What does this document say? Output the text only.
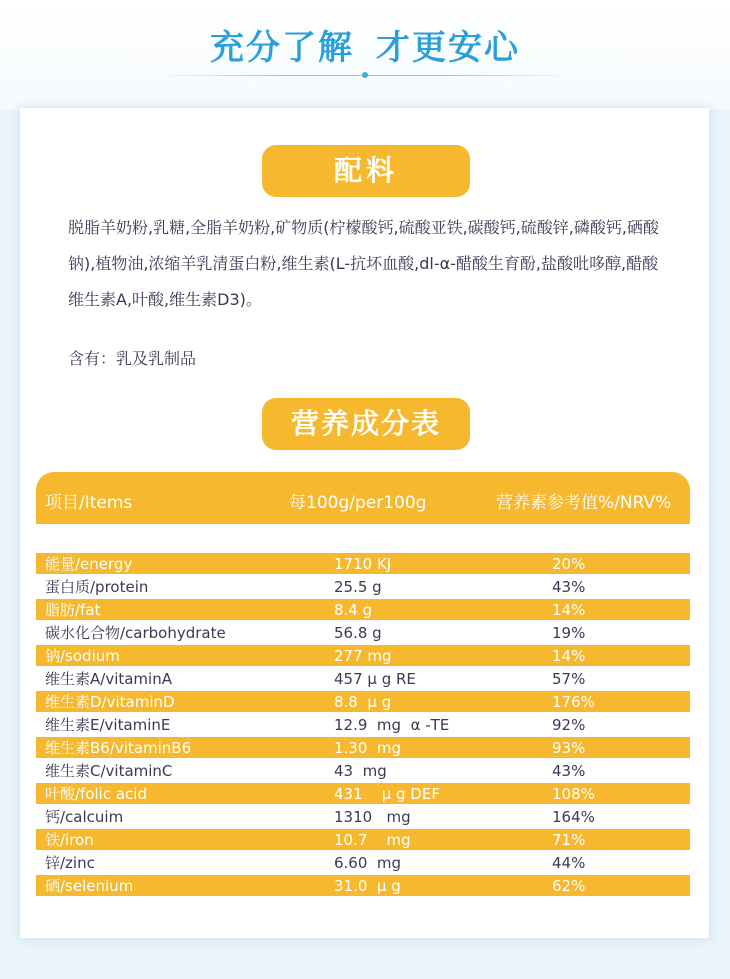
充分了解 才更安心
配料
脱脂羊奶粉,乳糖,全脂羊奶粉,矿物质(柠檬酸钙,硫酸亚铁,碳酸钙,硫酸锌,磷酸钙,硒酸钠),植物油,浓缩羊乳清蛋白粉,维生素(L-抗坏血酸,dl-α-醋酸生育酚,盐酸吡哆醇,醋酸维生素A,叶酸,维生素D3)。
含有：乳及乳制品
营养成分表
项目/Items	每100g/per100g	营养素参考值%/NRV%
能量/energy	1710 KJ	20%
蛋白质/protein	25.5 g	43%
脂肪/fat	8.4 g	14%
碳水化合物/carbohydrate	56.8 g	19%
钠/sodium	277 mg	14%
维生素A/vitaminA	457 μ g RE	57%
维生素D/vitaminD	8.8  μ g	176%
维生素E/vitaminE	12.9  mg  α -TE	92%
维生素B6/vitaminB6	1.30  mg	93%
维生素C/vitaminC	43  mg	43%
叶酸/folic acid	431    μ g DEF	108%
钙/calcuim	1310   mg	164%
铁/iron	10.7    mg	71%
锌/zinc	6.60  mg	44%
硒/selenium	31.0  μ g	62%
